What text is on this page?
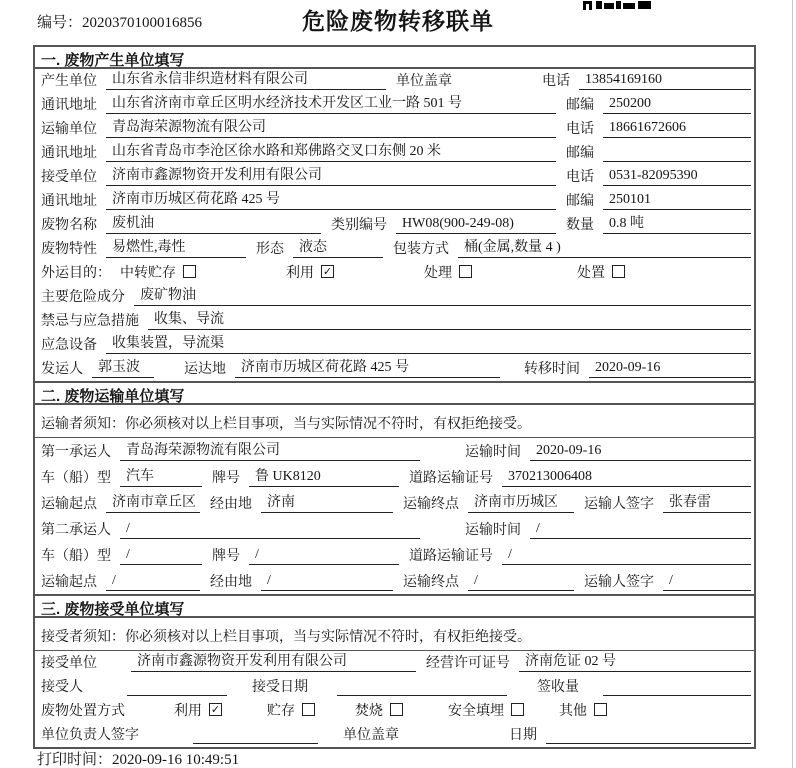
编号：2020370100016856	危险废物转移联单
一. 废物产生单位填写
产生单位	山东省永信非织造材料有限公司	单位盖章	电话	13854169160
通讯地址	山东省济南市章丘区明水经济技术开发区工业一路 501 号	邮编	250200
运输单位	青岛海荣源物流有限公司	电话	18661672606
通讯地址	山东省青岛市李沧区徐水路和郑佛路交叉口东侧 20 米	邮编
接受单位	济南市鑫源物资开发利用有限公司	电话	0531-82095390
通讯地址	济南市历城区荷花路 425 号	邮编	250101
废物名称	废机油	类别编号	HW08(900-249-08)	数量	0.8 吨
废物特性	易燃性,毒性	形态	液态	包装方式	桶(金属,数量 4 )
外运目的： 中转贮存	利用 ✓	处理	处置
主要危险成分	废矿物油
禁忌与应急措施	收集、导流
应急设备	收集装置，导流渠
发运人	郭玉波	运达地	济南市历城区荷花路 425 号	转移时间	2020-09-16
二. 废物运输单位填写
运输者须知：你必须核对以上栏目事项，当与实际情况不符时，有权拒绝接受。
第一承运人	青岛海荣源物流有限公司	运输时间	2020-09-16
车（船）型	汽车	牌号	鲁 UK8120	道路运输证号	370213006408
运输起点	济南市章丘区 经由地	济南	运输终点	济南市历城区	运输人签字	张春雷
第二承运人	/	运输时间	/
车（船）型	/	牌号	/	道路运输证号	/
运输起点	/	经由地	/	运输终点	/	运输人签字	/
三. 废物接受单位填写
接受者须知：你必须核对以上栏目事项，当与实际情况不符时，有权拒绝接受。
接受单位	济南市鑫源物资开发利用有限公司	经营许可证号	济南危证 02 号
接受人	接受日期	签收量
废物处置方式	利用 ✓	贮存	焚烧	安全填埋	其他
单位负责人签字	单位盖章	日期
打印时间：2020-09-16 10:49:51
